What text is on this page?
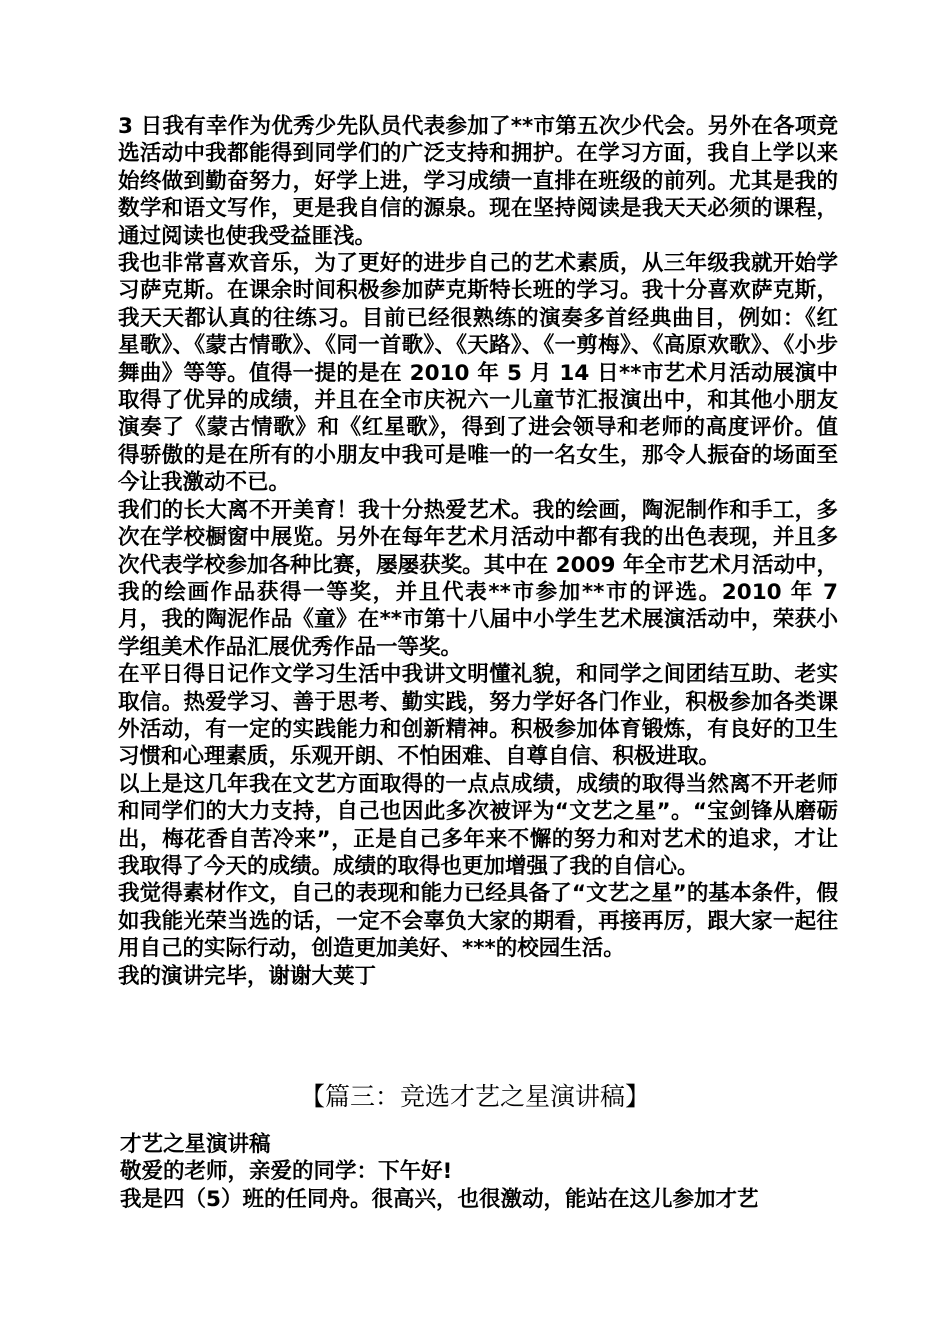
3 日我有幸作为优秀少先队员代表参加了**市第五次少代会。另外在各项竞选活动中我都能得到同学们的广泛支持和拥护。在学习方面，我自上学以来始终做到勤奋努力，好学上进，学习成绩一直排在班级的前列。尤其是我的数学和语文写作，更是我自信的源泉。现在坚持阅读是我天天必须的课程，通过阅读也使我受益匪浅。

我也非常喜欢音乐，为了更好的进步自己的艺术素质，从三年级我就开始学习萨克斯。在课余时间积极参加萨克斯特长班的学习。我十分喜欢萨克斯，我天天都认真的往练习。目前已经很熟练的演奏多首经典曲目，例如：《红星歌》、《蒙古情歌》、《同一首歌》、《天路》、《一剪梅》、《高原欢歌》、《小步舞曲》等等。值得一提的是在 2010 年 5 月 14 日**市艺术月活动展演中取得了优异的成绩，并且在全市庆祝六一儿童节汇报演出中，和其他小朋友演奏了《蒙古情歌》和《红星歌》，得到了进会领导和老师的高度评价。值得骄傲的是在所有的小朋友中我可是唯一的一名女生，那令人振奋的场面至今让我激动不已。

我们的长大离不开美育！我十分热爱艺术。我的绘画，陶泥制作和手工，多次在学校橱窗中展览。另外在每年艺术月活动中都有我的出色表现，并且多次代表学校参加各种比赛，屡屡获奖。其中在 2009 年全市艺术月活动中，我的绘画作品获得一等奖，并且代表**市参加**市的评选。2010 年 7 月，我的陶泥作品《童》在**市第十八届中小学生艺术展演活动中，荣获小学组美术作品汇展优秀作品一等奖。

在平日得日记作文学习生活中我讲文明懂礼貌，和同学之间团结互助、老实取信。热爱学习、善于思考、勤实践，努力学好各门作业，积极参加各类课外活动，有一定的实践能力和创新精神。积极参加体育锻炼，有良好的卫生习惯和心理素质，乐观开朗、不怕困难、自尊自信、积极进取。

以上是这几年我在文艺方面取得的一点点成绩，成绩的取得当然离不开老师和同学们的大力支持，自己也因此多次被评为“文艺之星”。“宝剑锋从磨砺出，梅花香自苦冷来”，正是自己多年来不懈的努力和对艺术的追求，才让我取得了今天的成绩。成绩的取得也更加增强了我的自信心。

我觉得素材作文，自己的表现和能力已经具备了“文艺之星”的基本条件，假如我能光荣当选的话，一定不会辜负大家的期看，再接再厉，跟大家一起往用自己的实际行动，创造更加美好、***的校园生活。

我的演讲完毕，谢谢大荚丁

【篇三：竞选才艺之星演讲稿】

才艺之星演讲稿

敬爱的老师，亲爱的同学：下午好!

我是四（5）班的任同舟。很高兴，也很激动，能站在这儿参加才艺
